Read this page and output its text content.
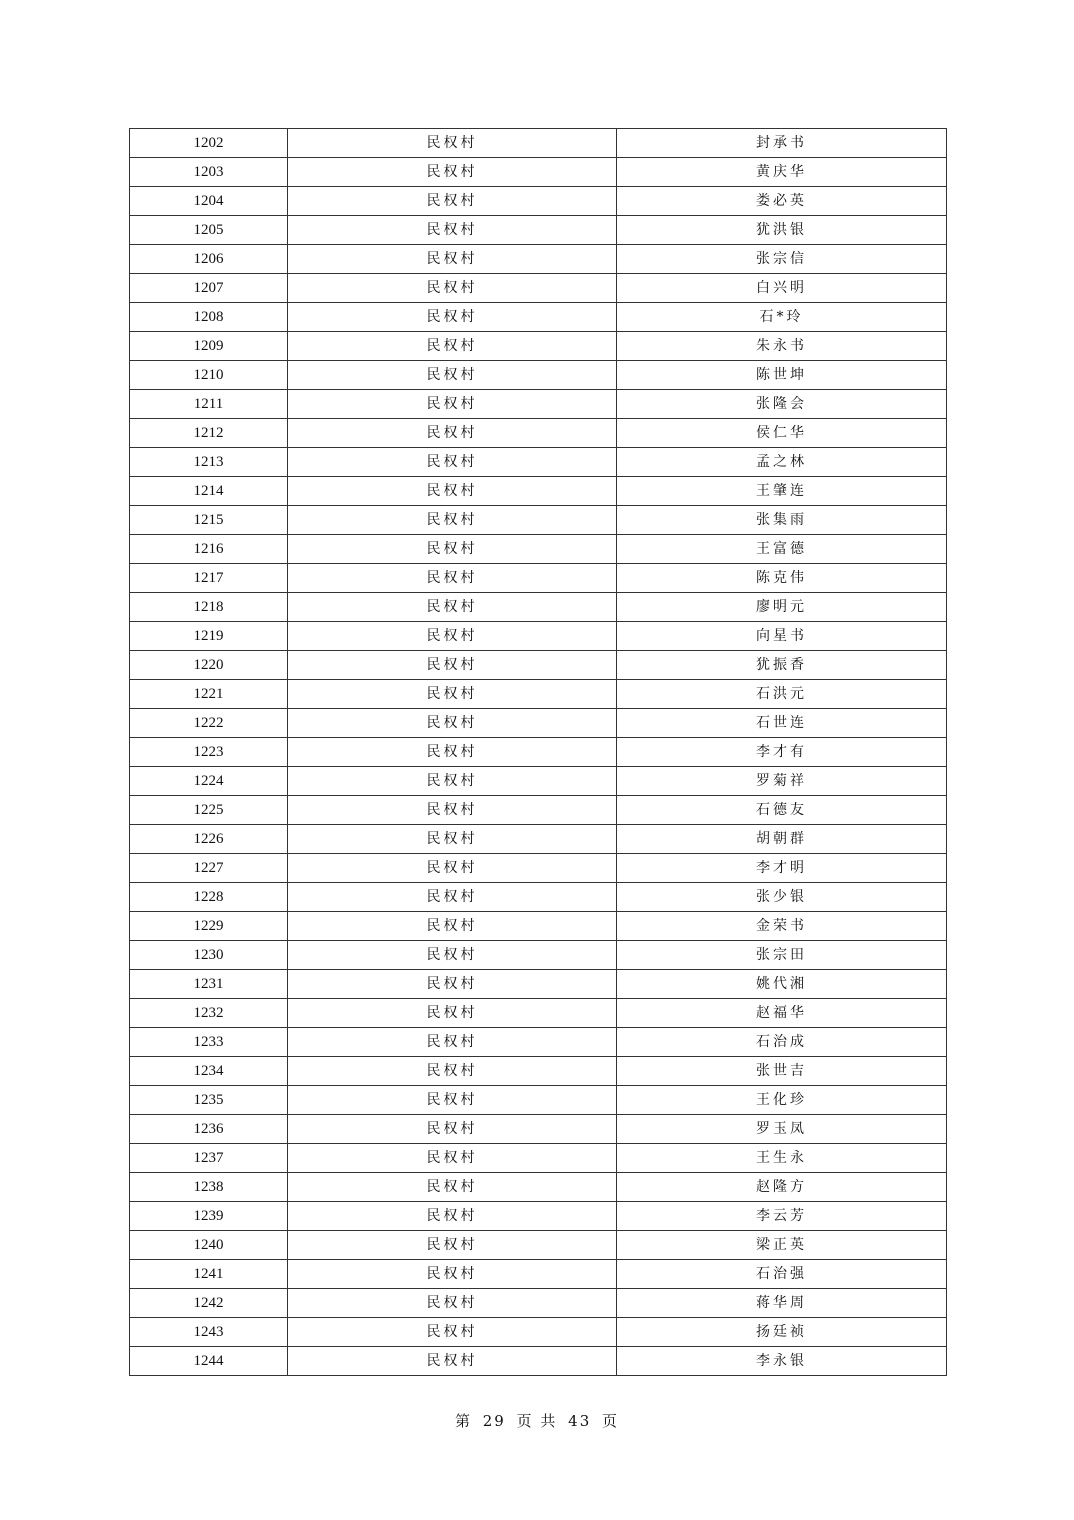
1202	民权村	封承书
1203	民权村	黄庆华
1204	民权村	娄必英
1205	民权村	犹洪银
1206	民权村	张宗信
1207	民权村	白兴明
1208	民权村	石*玲
1209	民权村	朱永书
1210	民权村	陈世坤
1211	民权村	张隆会
1212	民权村	侯仁华
1213	民权村	孟之林
1214	民权村	王肇连
1215	民权村	张集雨
1216	民权村	王富德
1217	民权村	陈克伟
1218	民权村	廖明元
1219	民权村	向星书
1220	民权村	犹振香
1221	民权村	石洪元
1222	民权村	石世连
1223	民权村	李才有
1224	民权村	罗菊祥
1225	民权村	石德友
1226	民权村	胡朝群
1227	民权村	李才明
1228	民权村	张少银
1229	民权村	金荣书
1230	民权村	张宗田
1231	民权村	姚代湘
1232	民权村	赵福华
1233	民权村	石治成
1234	民权村	张世吉
1235	民权村	王化珍
1236	民权村	罗玉凤
1237	民权村	王生永
1238	民权村	赵隆方
1239	民权村	李云芳
1240	民权村	梁正英
1241	民权村	石治强
1242	民权村	蒋华周
1243	民权村	扬廷祯
1244	民权村	李永银
第 29 页 共 43 页
